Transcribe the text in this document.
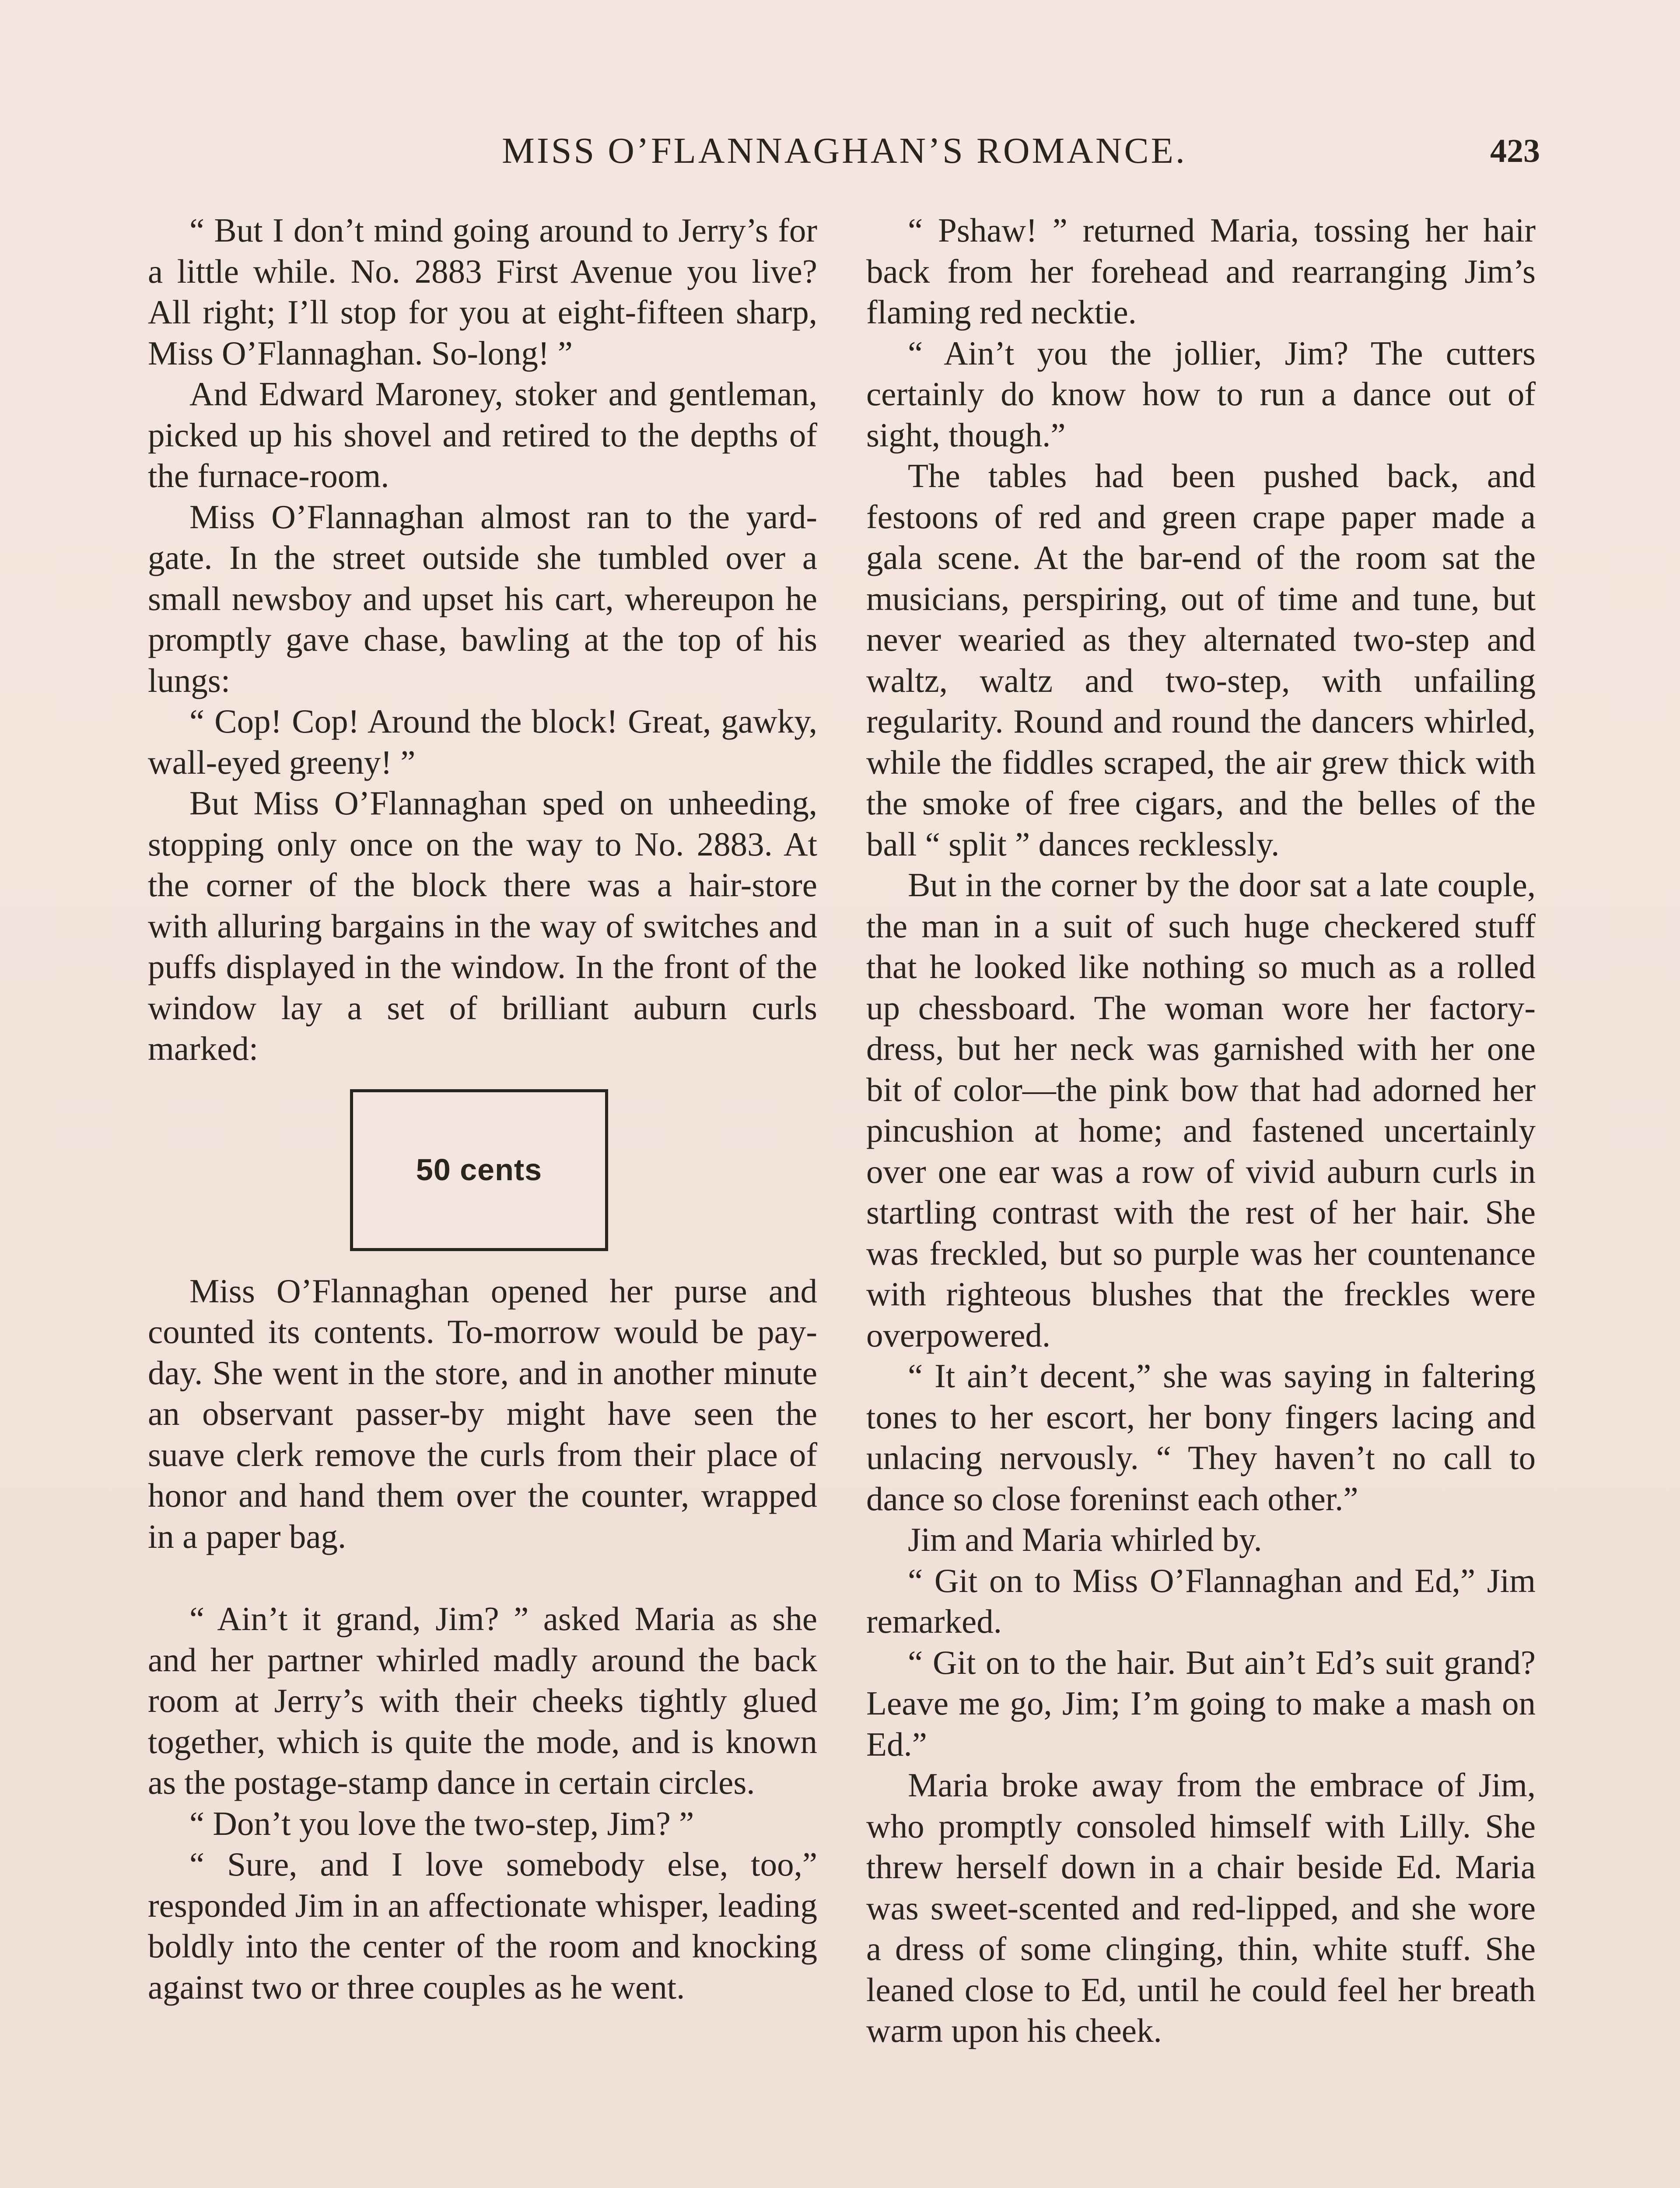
MISS O’FLANNAGHAN’S ROMANCE.	423

“ But I don’t mind going around to Jerry’s for a little while. No. 2883 First Avenue you live? All right; I’ll stop for you at eight-fifteen sharp, Miss O’Flannaghan. So-long! ”

And Edward Maroney, stoker and gentleman, picked up his shovel and retired to the depths of the furnace-room.

Miss O’Flannaghan almost ran to the yard-gate. In the street outside she tumbled over a small newsboy and upset his cart, whereupon he promptly gave chase, bawling at the top of his lungs:

“ Cop! Cop! Around the block! Great, gawky, wall-eyed greeny! ”

But Miss O’Flannaghan sped on unheeding, stopping only once on the way to No. 2883. At the corner of the block there was a hair-store with alluring bargains in the way of switches and puffs displayed in the window. In the front of the window lay a set of brilliant auburn curls marked:

50 cents

Miss O’Flannaghan opened her purse and counted its contents. To-morrow would be pay-day. She went in the store, and in another minute an observant passer-by might have seen the suave clerk remove the curls from their place of honor and hand them over the counter, wrapped in a paper bag.

“ Ain’t it grand, Jim? ” asked Maria as she and her partner whirled madly around the back room at Jerry’s with their cheeks tightly glued together, which is quite the mode, and is known as the postage-stamp dance in certain circles.

“ Don’t you love the two-step, Jim? ”

“ Sure, and I love somebody else, too,” responded Jim in an affectionate whisper, leading boldly into the center of the room and knocking against two or three couples as he went.

“ Pshaw! ” returned Maria, tossing her hair back from her forehead and rearranging Jim’s flaming red necktie.

“ Ain’t you the jollier, Jim? The cutters certainly do know how to run a dance out of sight, though.”

The tables had been pushed back, and festoons of red and green crape paper made a gala scene. At the bar-end of the room sat the musicians, perspiring, out of time and tune, but never wearied as they alternated two-step and waltz, waltz and two-step, with unfailing regularity. Round and round the dancers whirled, while the fiddles scraped, the air grew thick with the smoke of free cigars, and the belles of the ball “ split ” dances recklessly.

But in the corner by the door sat a late couple, the man in a suit of such huge checkered stuff that he looked like nothing so much as a rolled up chessboard. The woman wore her factory-dress, but her neck was garnished with her one bit of color—the pink bow that had adorned her pincushion at home; and fastened uncertainly over one ear was a row of vivid auburn curls in startling contrast with the rest of her hair. She was freckled, but so purple was her countenance with righteous blushes that the freckles were overpowered.

“ It ain’t decent,” she was saying in faltering tones to her escort, her bony fingers lacing and unlacing nervously. “ They haven’t no call to dance so close foreninst each other.”

Jim and Maria whirled by.

“ Git on to Miss O’Flannaghan and Ed,” Jim remarked.

“ Git on to the hair. But ain’t Ed’s suit grand? Leave me go, Jim; I’m going to make a mash on Ed.”

Maria broke away from the embrace of Jim, who promptly consoled himself with Lilly. She threw herself down in a chair beside Ed. Maria was sweet-scented and red-lipped, and she wore a dress of some clinging, thin, white stuff. She leaned close to Ed, until he could feel her breath warm upon his cheek.
